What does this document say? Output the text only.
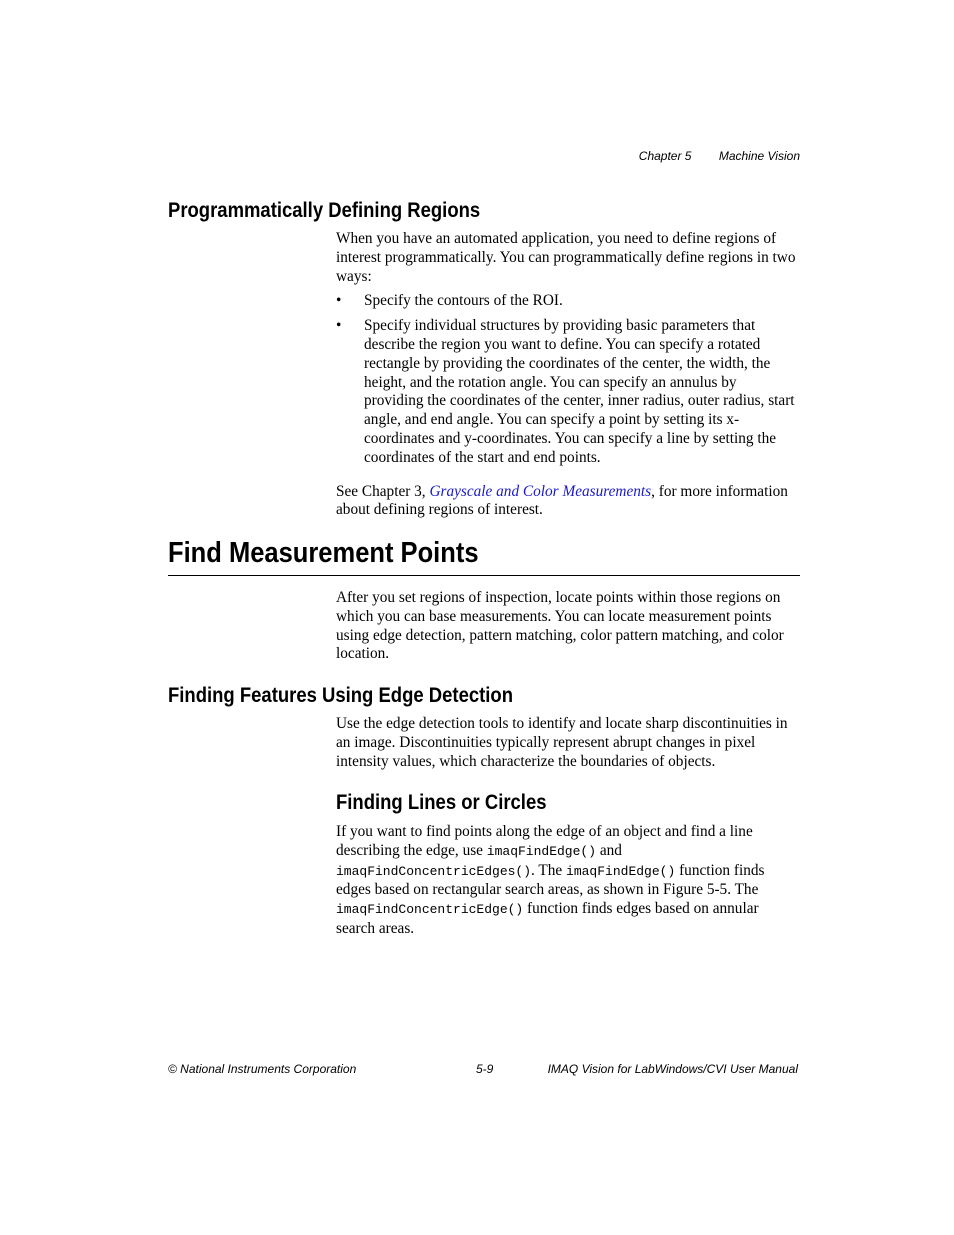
Chapter 5 Machine Vision
Programmatically Defining Regions

When you have an automated application, you need to define regions of interest programmatically. You can programmatically define regions in two ways:

• Specify the contours of the ROI.
• Specify individual structures by providing basic parameters that describe the region you want to define. You can specify a rotated rectangle by providing the coordinates of the center, the width, the height, and the rotation angle. You can specify an annulus by providing the coordinates of the center, inner radius, outer radius, start angle, and end angle. You can specify a point by setting its x-coordinates and y-coordinates. You can specify a line by setting the coordinates of the start and end points.

See Chapter 3, Grayscale and Color Measurements, for more information about defining regions of interest.

Find Measurement Points

After you set regions of inspection, locate points within those regions on which you can base measurements. You can locate measurement points using edge detection, pattern matching, color pattern matching, and color location.

Finding Features Using Edge Detection

Use the edge detection tools to identify and locate sharp discontinuities in an image. Discontinuities typically represent abrupt changes in pixel intensity values, which characterize the boundaries of objects.

Finding Lines or Circles

If you want to find points along the edge of an object and find a line describing the edge, use imaqFindEdge() and imaqFindConcentricEdges(). The imaqFindEdge() function finds edges based on rectangular search areas, as shown in Figure 5-5. The imaqFindConcentricEdge() function finds edges based on annular search areas.

© National Instruments Corporation	5-9	IMAQ Vision for LabWindows/CVI User Manual
